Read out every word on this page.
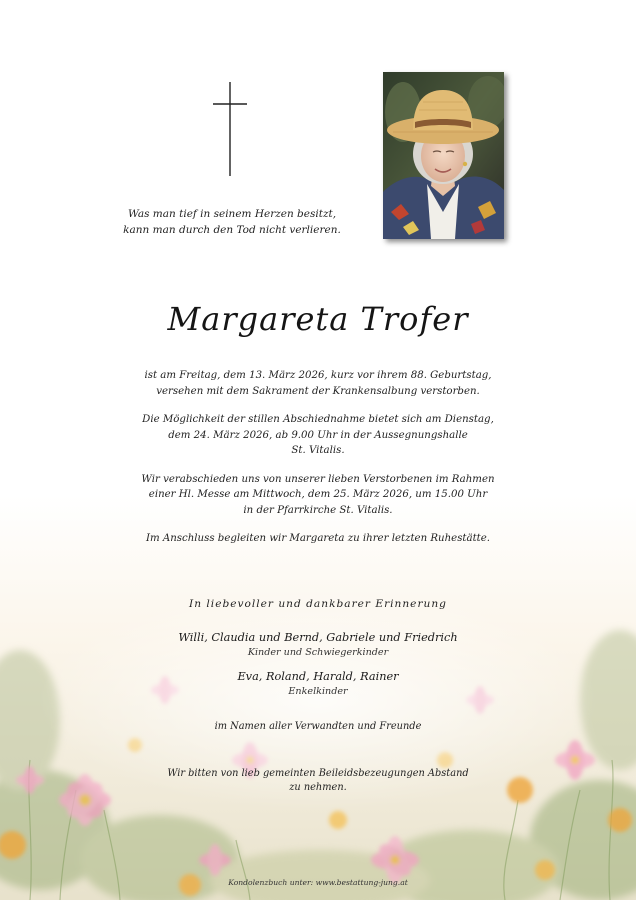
Was man tief in seinem Herzen besitzt,
kann man durch den Tod nicht verlieren.
Margareta Trofer

ist am Freitag, dem 13. März 2026, kurz vor ihrem 88. Geburtstag,
versehen mit dem Sakrament der Krankensalbung verstorben.

Die Möglichkeit der stillen Abschiednahme bietet sich am Dienstag,
dem 24. März 2026, ab 9.00 Uhr in der Aussegnungshalle
St. Vitalis.

Wir verabschieden uns von unserer lieben Verstorbenen im Rahmen
einer Hl. Messe am Mittwoch, dem 25. März 2026, um 15.00 Uhr
in der Pfarrkirche St. Vitalis.

Im Anschluss begleiten wir Margareta zu ihrer letzten Ruhestätte.

In liebevoller und dankbarer Erinnerung
Willi, Claudia und Bernd, Gabriele und Friedrich
Kinder und Schwiegerkinder
Eva, Roland, Harald, Rainer
Enkelkinder
im Namen aller Verwandten und Freunde
Wir bitten von lieb gemeinten Beileidsbezeugungen Abstand
zu nehmen.
Kondolenzbuch unter: www.bestattung-jung.at
